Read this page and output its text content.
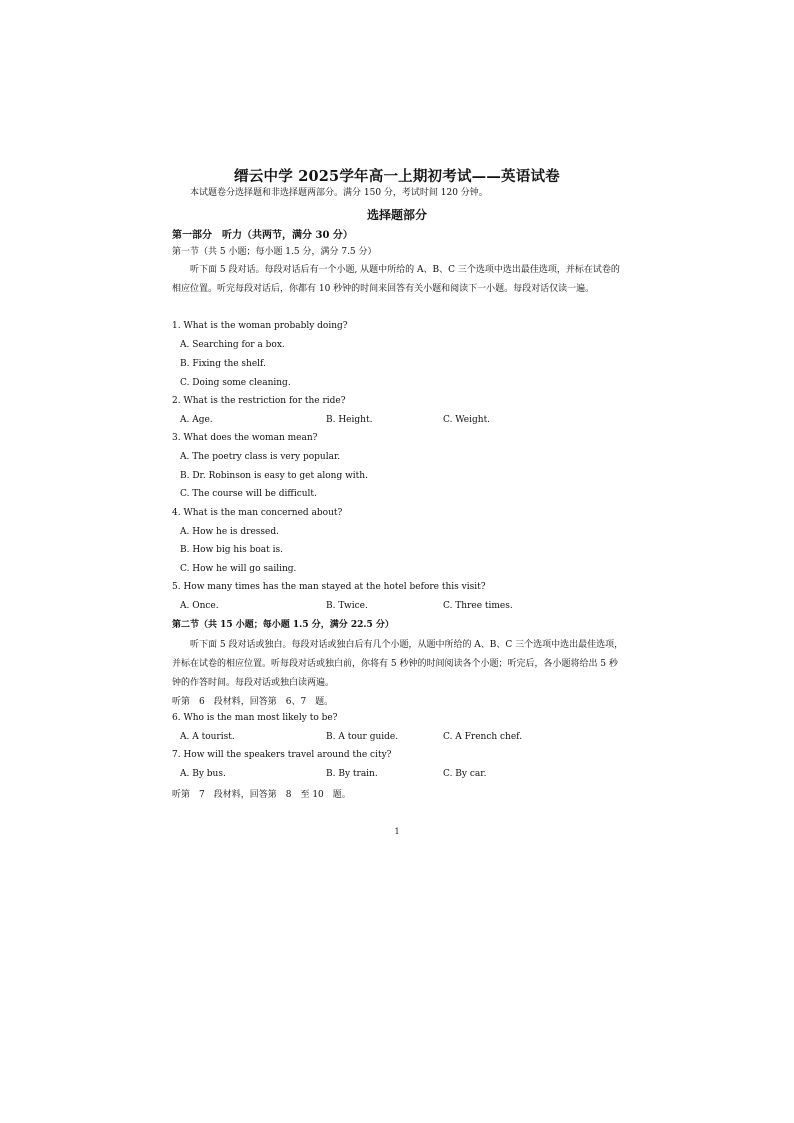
缙云中学 2025学年高一上期初考试——英语试卷
本试题卷分选择题和非选择题两部分。满分 150 分，考试时间 120 分钟。
选择题部分
第一部分　听力（共两节，满分 30 分）
第一节（共 5 小题；每小题 1.5 分，满分 7.5 分）
听下面 5 段对话。每段对话后有一个小题, 从题中所给的 A、B、C 三个选项中选出最佳选项，并标在试卷的相应位置。听完每段对话后，你都有 10 秒钟的时间来回答有关小题和阅读下一小题。每段对话仅读一遍。
1. What is the woman probably doing?
A. Searching for a box.
B. Fixing the shelf.
C. Doing some cleaning.
2. What is the restriction for the ride?
A. Age.	B. Height.	C. Weight.
3. What does the woman mean?
A. The poetry class is very popular.
B. Dr. Robinson is easy to get along with.
C. The course will be difficult.
4. What is the man concerned about?
A. How he is dressed.
B. How big his boat is.
C. How he will go sailing.
5. How many times has the man stayed at the hotel before this visit?
A. Once.	B. Twice.	C. Three times.
第二节（共 15 小题；每小题 1.5 分，满分 22.5 分）
听下面 5 段对话或独白。每段对话或独白后有几个小题，从题中所给的 A、B、C 三个选项中选出最佳选项，并标在试卷的相应位置。听每段对话或独白前，你将有 5 秒钟的时间阅读各个小题；听完后，各小题将给出 5 秒钟的作答时间。每段对话或独白读两遍。
听第　6　段材料，回答第　6、7　题。
6. Who is the man most likely to be?
A. A tourist.	B. A tour guide.	C. A French chef.
7. How will the speakers travel around the city?
A. By bus.	B. By train.	C. By car.
听第　7　段材料，回答第　8　至 10　题。
1
